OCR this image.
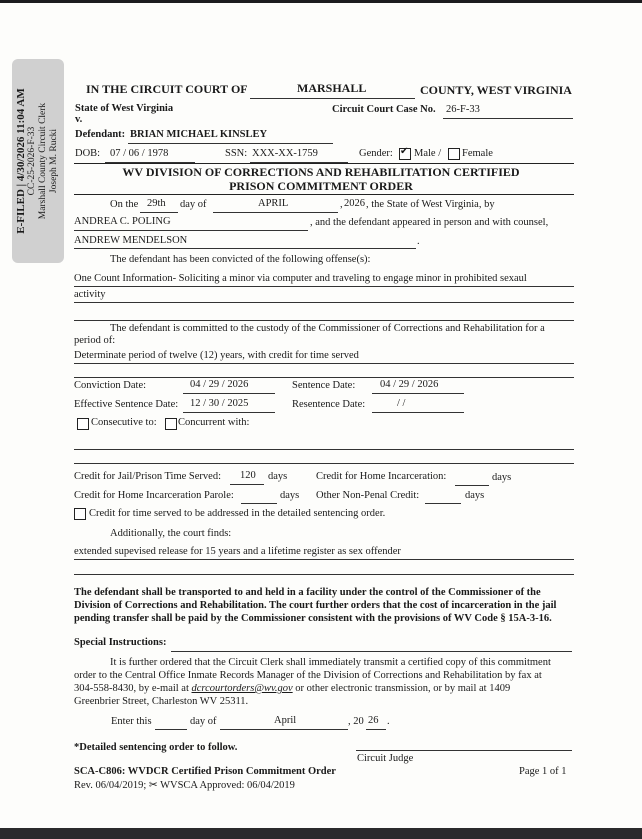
E-FILED | 4/30/2026 11:04 AM CC-25-2026-F-33 Marshall County Circuit Clerk Joseph M. Rucki
IN THE CIRCUIT COURT OF	MARSHALL	COUNTY, WEST VIRGINIA
State of West Virginia
v.
Circuit Court Case No. 26-F-33
Defendant: BRIAN MICHAEL KINSLEY
DOB: 07 / 06 / 1978	SSN: XXX-XX-1759	Gender:
✔ Male / Female
WV DIVISION OF CORRECTIONS AND REHABILITATION CERTIFIED
PRISON COMMITMENT ORDER
On the 29th day of	APRIL	, 2026 , the State of West Virginia, by
ANDREA C. POLING	, and the defendant appeared in person and with counsel,
ANDREW MENDELSON	.
The defendant has been convicted of the following offense(s):
One Count Information- Soliciting a minor via computer and traveling to engage minor in prohibited sexaul
activity
The defendant is committed to the custody of the Commissioner of Corrections and Rehabilitation for a
period of:
Determinate period of twelve (12) years, with credit for time served
Conviction Date:	04 / 29 / 2026	Sentence Date: 04 / 29 / 2026
Effective Sentence Date: 12 / 30 / 2025	Resentence Date:	/ /
Consecutive to: Concurrent with:
Credit for Jail/Prison Time Served: 120 days	Credit for Home Incarceration:	days
Credit for Home Incarceration Parole:	days Other Non-Penal Credit:	days
Credit for time served to be addressed in the detailed sentencing order.
Additionally, the court finds:
extended supevised release for 15 years and a lifetime register as sex offender
The defendant shall be transported to and held in a facility under the control of the Commissioner of the
Division of Corrections and Rehabilitation. The court further orders that the cost of incarceration in the jail
pending transfer shall be paid by the Commissioner consistent with the provisions of WV Code § 15A-3-16.
Special Instructions:
It is further ordered that the Circuit Clerk shall immediately transmit a certified copy of this commitment
order to the Central Office Inmate Records Manager of the Division of Corrections and Rehabilitation by fax at
304-558-8430, by e-mail at dcrcourtorders@wv.gov or other electronic transmission, or by mail at 1409
Greenbrier Street, Charleston WV 25311.
Enter this	day of	April	, 20 26 .
*Detailed sentencing order to follow.
Circuit Judge
SCA-C806: WVDCR Certified Prison Commitment Order	Page 1 of 1
Rev. 06/04/2019; ✂ WVSCA Approved: 06/04/2019
